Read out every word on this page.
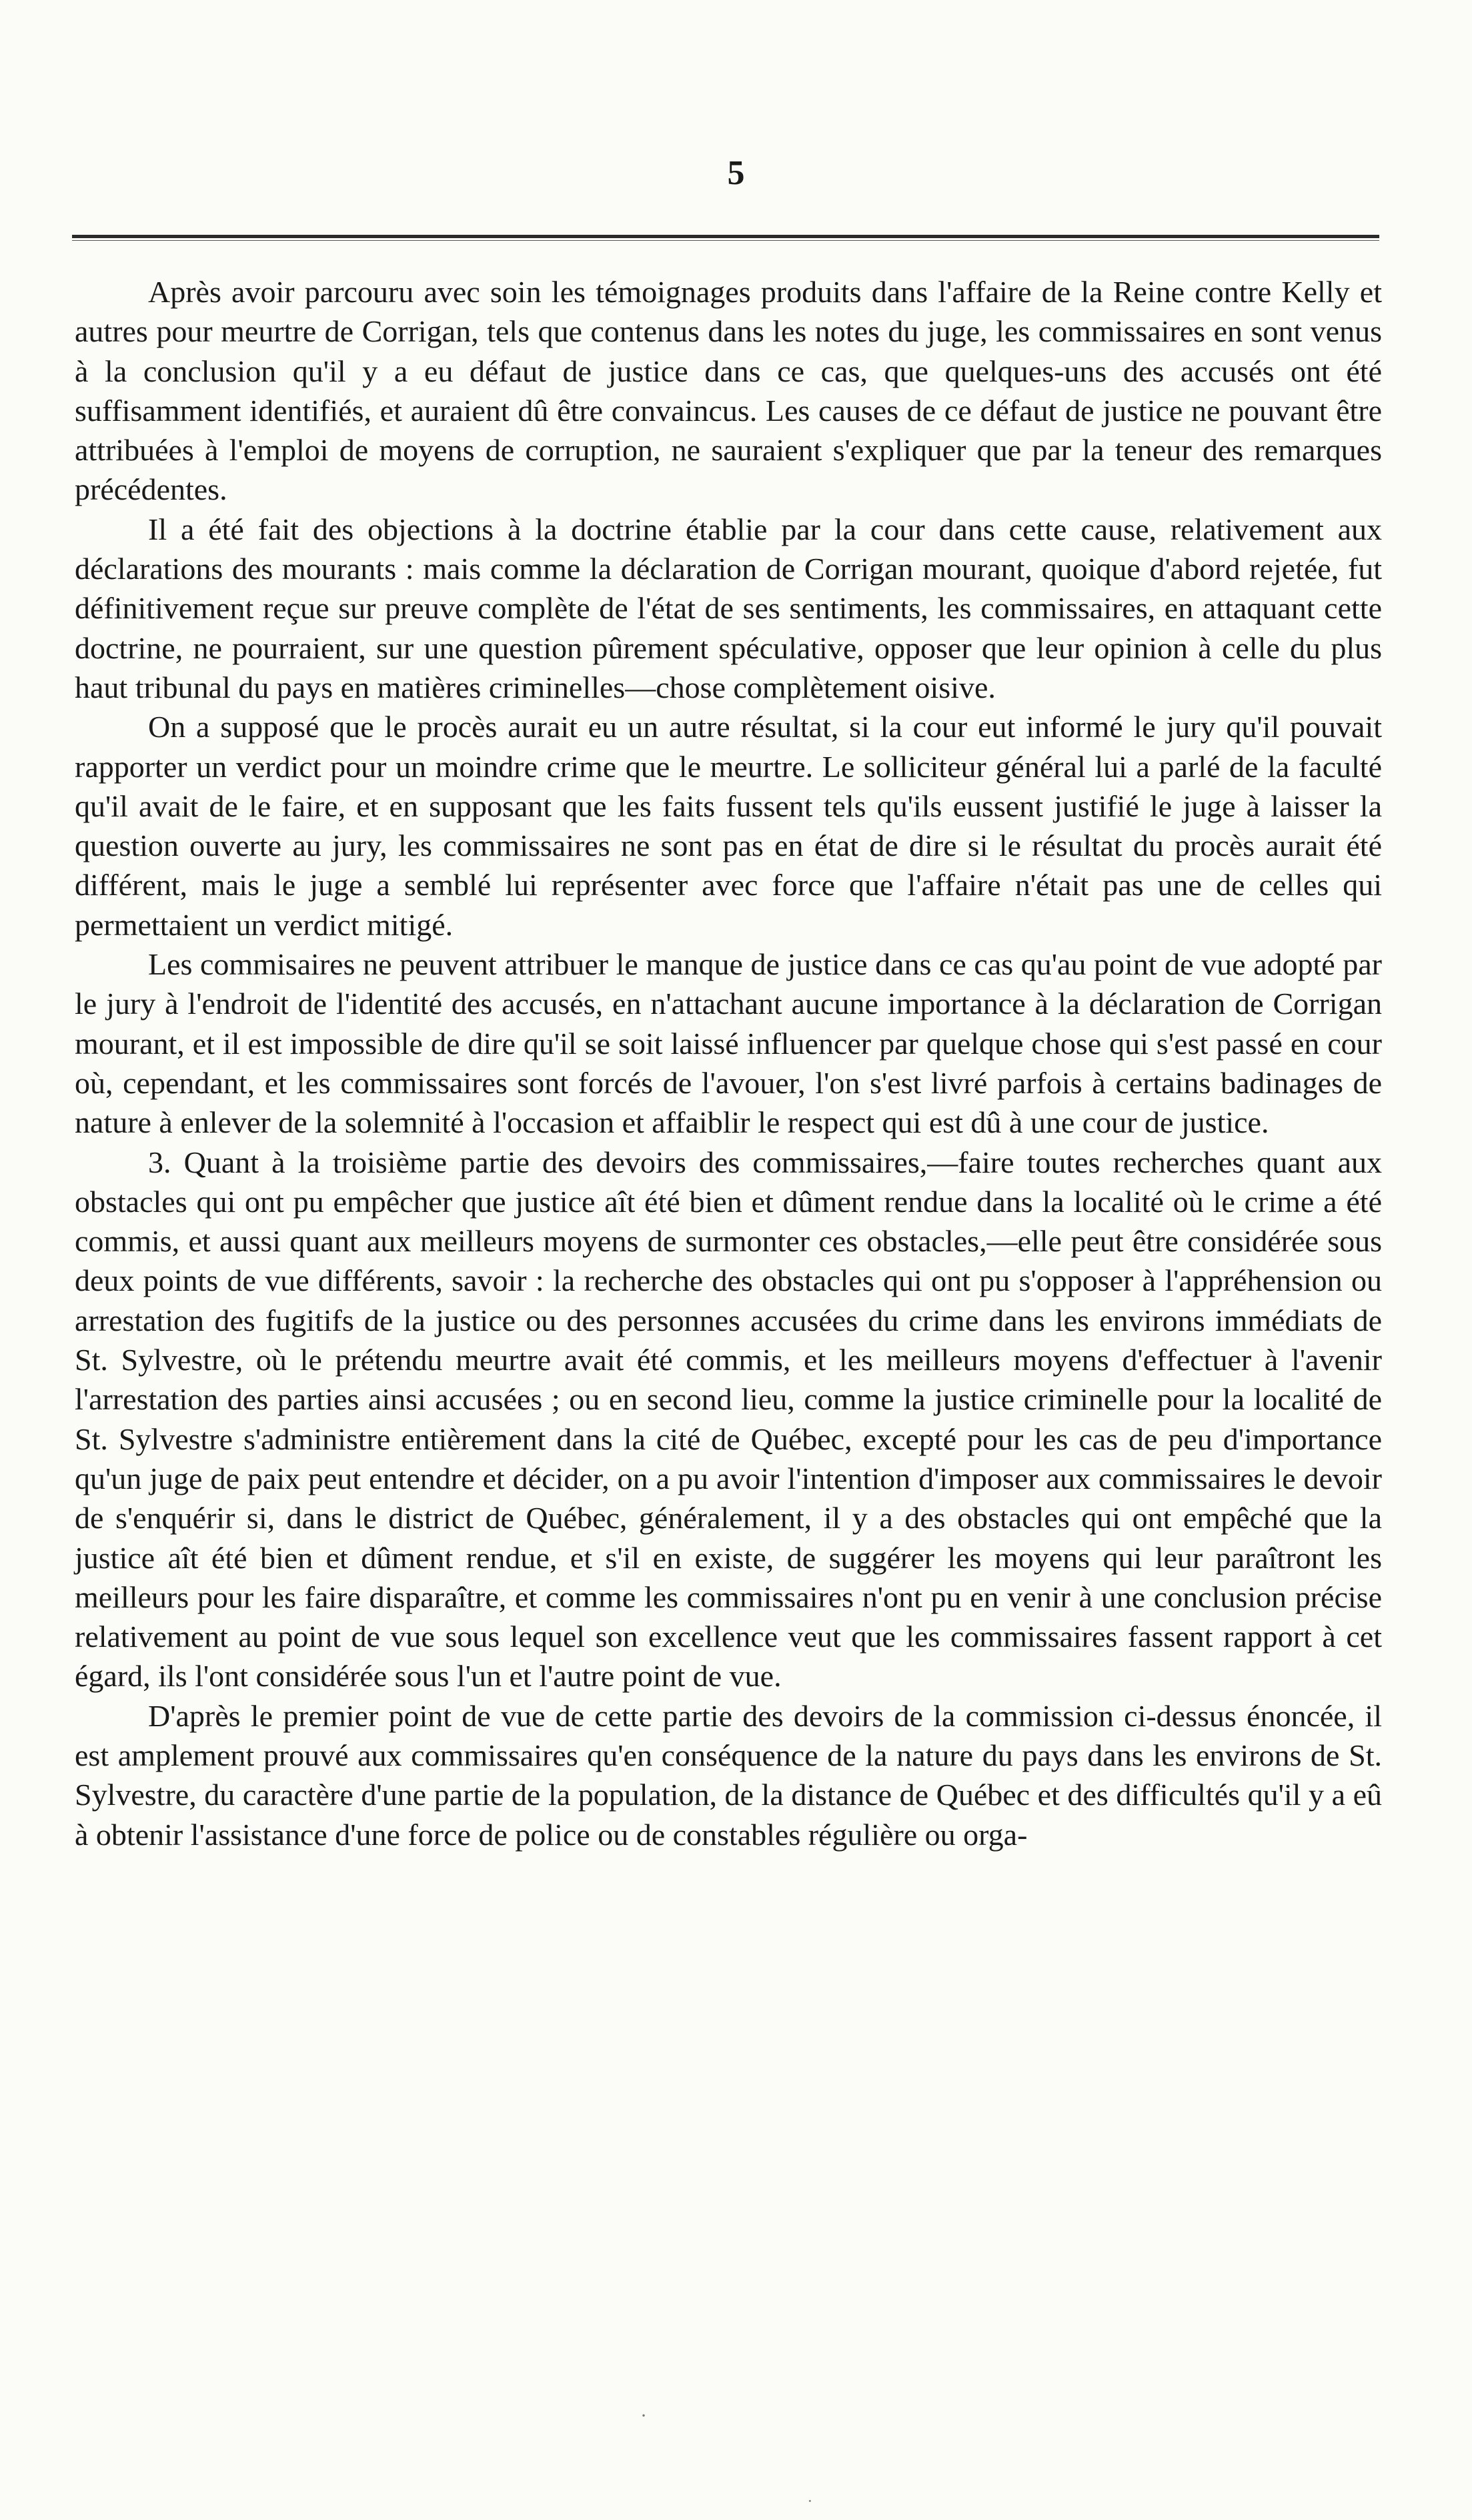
5

Après avoir parcouru avec soin les témoignages produits dans l'affaire de la Reine contre Kelly et autres pour meurtre de Corrigan, tels que contenus dans les notes du juge, les commissaires en sont venus à la conclusion qu'il y a eu défaut de justice dans ce cas, que quelques-uns des accusés ont été suffisamment identifiés, et auraient dû être convaincus. Les causes de ce défaut de justice ne pouvant être attribuées à l'emploi de moyens de corruption, ne sauraient s'expliquer que par la teneur des remarques précédentes.

Il a été fait des objections à la doctrine établie par la cour dans cette cause, relativement aux déclarations des mourants : mais comme la déclaration de Corrigan mourant, quoique d'abord rejetée, fut définitivement reçue sur preuve complète de l'état de ses sentiments, les commissaires, en attaquant cette doctrine, ne pourraient, sur une question pûrement spéculative, opposer que leur opinion à celle du plus haut tribunal du pays en matières criminelles—chose complètement oisive.

On a supposé que le procès aurait eu un autre résultat, si la cour eut informé le jury qu'il pouvait rapporter un verdict pour un moindre crime que le meurtre. Le solliciteur général lui a parlé de la faculté qu'il avait de le faire, et en supposant que les faits fussent tels qu'ils eussent justifié le juge à laisser la question ouverte au jury, les commissaires ne sont pas en état de dire si le résultat du procès aurait été différent, mais le juge a semblé lui représenter avec force que l'affaire n'était pas une de celles qui permettaient un verdict mitigé.

Les commisaires ne peuvent attribuer le manque de justice dans ce cas qu'au point de vue adopté par le jury à l'endroit de l'identité des accusés, en n'attachant aucune importance à la déclaration de Corrigan mourant, et il est impossible de dire qu'il se soit laissé influencer par quelque chose qui s'est passé en cour où, cependant, et les commissaires sont forcés de l'avouer, l'on s'est livré parfois à certains badinages de nature à enlever de la solemnité à l'occasion et affaiblir le respect qui est dû à une cour de justice.

3. Quant à la troisième partie des devoirs des commissaires,—faire toutes recherches quant aux obstacles qui ont pu empêcher que justice aît été bien et dûment rendue dans la localité où le crime a été commis, et aussi quant aux meilleurs moyens de surmonter ces obstacles,—elle peut être considérée sous deux points de vue différents, savoir : la recherche des obstacles qui ont pu s'opposer à l'appréhension ou arrestation des fugitifs de la justice ou des personnes accusées du crime dans les environs immédiats de St. Sylvestre, où le prétendu meurtre avait été commis, et les meilleurs moyens d'effectuer à l'avenir l'arrestation des parties ainsi accusées ; ou en second lieu, comme la justice criminelle pour la localité de St. Sylvestre s'administre entièrement dans la cité de Québec, excepté pour les cas de peu d'importance qu'un juge de paix peut entendre et décider, on a pu avoir l'intention d'imposer aux commissaires le devoir de s'enquérir si, dans le district de Québec, généralement, il y a des obstacles qui ont empêché que la justice aît été bien et dûment rendue, et s'il en existe, de suggérer les moyens qui leur paraîtront les meilleurs pour les faire disparaître, et comme les commissaires n'ont pu en venir à une conclusion précise relativement au point de vue sous lequel son excellence veut que les commissaires fassent rapport à cet égard, ils l'ont considérée sous l'un et l'autre point de vue.

D'après le premier point de vue de cette partie des devoirs de la commission ci-dessus énoncée, il est amplement prouvé aux commissaires qu'en conséquence de la nature du pays dans les environs de St. Sylvestre, du caractère d'une partie de la population, de la distance de Québec et des difficultés qu'il y a eû à obtenir l'assistance d'une force de police ou de constables régulière ou orga-

·
·
